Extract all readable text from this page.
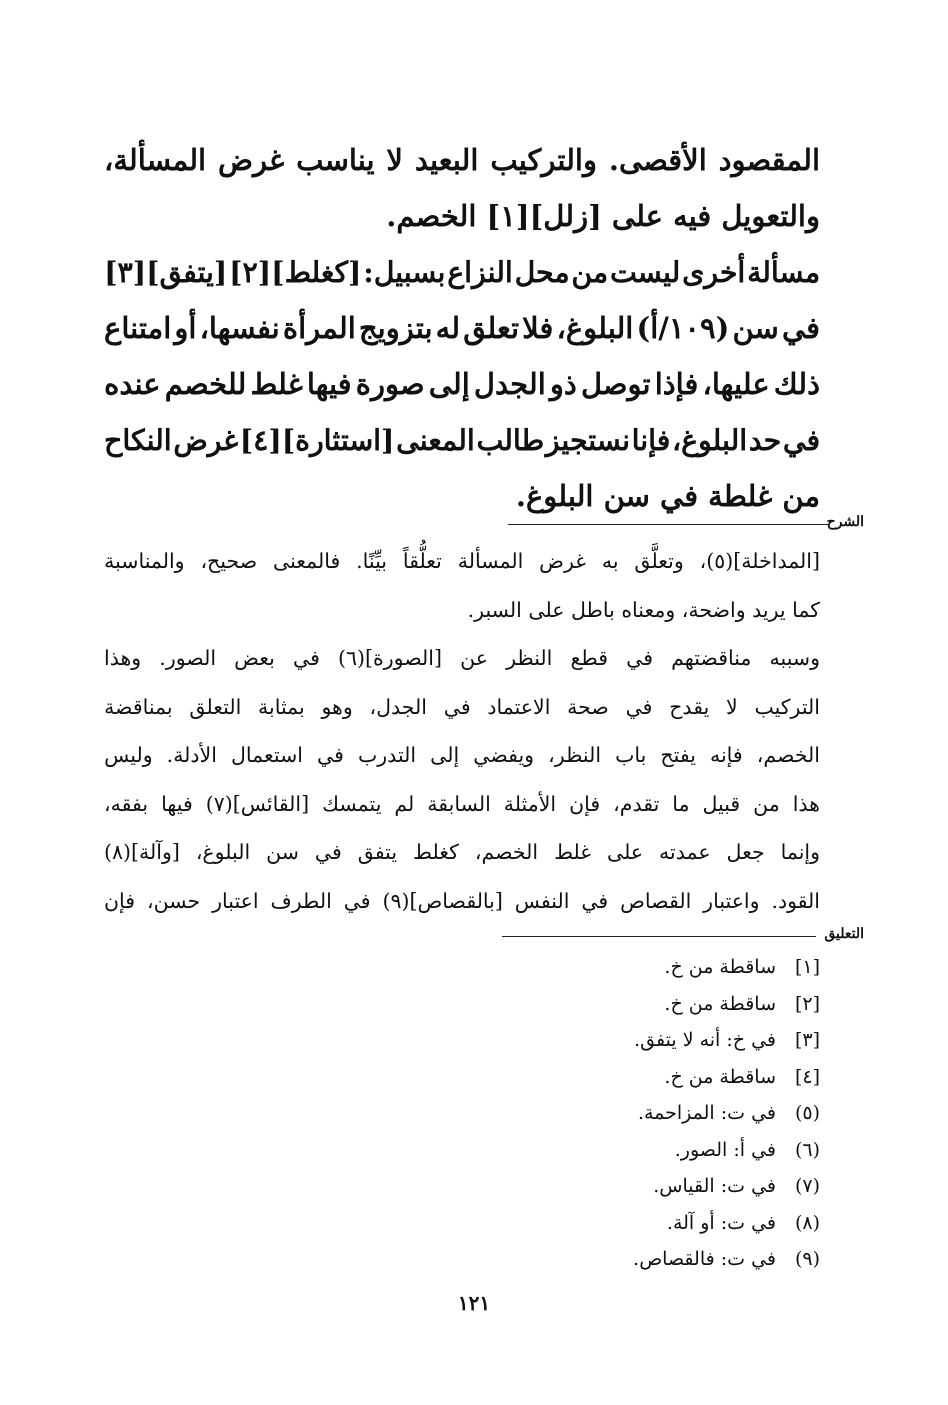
المقصود
الأقصى.
والتركيب
البعيد
لا
يناسب
غرض
المسألة،
والتعويل فيه على [زلل][١] الخصم.
مسألة
أخرى
ليست
من
محل
النزاع
بسبيل:
[كغلط][٢]
[يتفق][٣]
في
سن
(١٠٩/أ)
البلوغ،
فلا
تعلق
له
بتزويج
المرأة
نفسها،
أو
امتناع
ذلك
عليها،
فإذا
توصل
ذو
الجدل
إلى
صورة
فيها
غلط
للخصم
عنده
في
حد
البلوغ،
فإنا
نستجيز
طالب
المعنى
[استثارة][٤]
غرض
النكاح
من غلطة في سن البلوغ.
الشرح
[المداخلة](٥)،
وتعلَّق
به
غرض
المسألة
تعلُّقاً
بيِّنًا.
فالمعنى
صحيح،
والمناسبة
كما يريد واضحة، ومعناه باطل على السبر.
وسببه
مناقضتهم
في
قطع
النظر
عن
[الصورة](٦)
في
بعض
الصور.
وهذا
التركيب
لا
يقدح
في
صحة
الاعتماد
في
الجدل،
وهو
بمثابة
التعلق
بمناقضة
الخصم،
فإنه
يفتح
باب
النظر،
ويفضي
إلى
التدرب
في
استعمال
الأدلة.
وليس
هذا
من
قبيل
ما
تقدم،
فإن
الأمثلة
السابقة
لم
يتمسك
[القائس](٧)
فيها
بفقه،
وإنما
جعل
عمدته
على
غلط
الخصم،
كغلط
يتفق
في
سن
البلوغ،
[وآلة](٨)
القود.
واعتبار
القصاص
في
النفس
[بالقصاص](٩)
في
الطرف
اعتبار
حسن،
فإن
التعليق
[١]
ساقطة من خ.
[٢]
ساقطة من خ.
[٣]
في خ: أنه لا يتفق.
[٤]
ساقطة من خ.
(٥)
في ت: المزاحمة.
(٦)
في أ: الصور.
(٧)
في ت: القياس.
(٨)
في ت: أو آلة.
(٩)
في ت: فالقصاص.
١٢١
